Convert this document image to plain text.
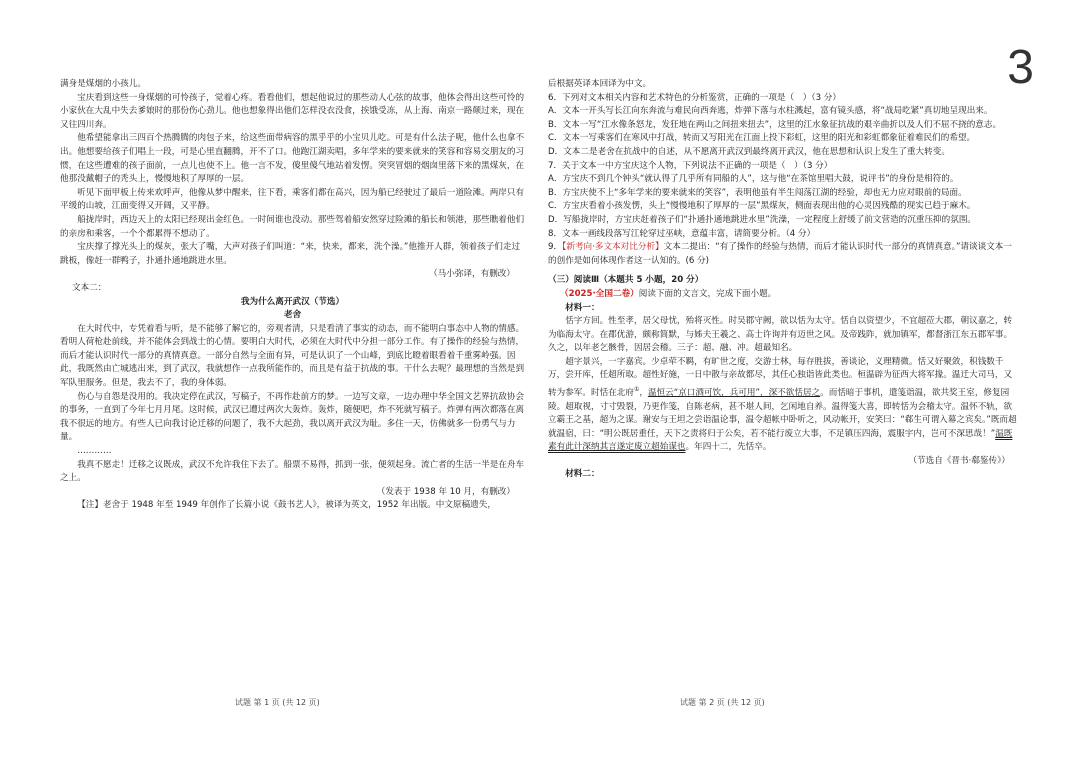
3

满身是煤烟的小孩儿。

宝庆看到这些一身煤烟的可怜孩子，觉着心疼。看看他们，想起他说过的那些动人心弦的故事，他体会得出这些可怜的小家伙在大乱中失去爹娘时的那份伤心劲儿。他也想象得出他们怎样没衣没食，挨饿受冻，从上海、南京一路颠过来，现在又往四川奔。

他希望能拿出三四百个热腾腾的肉包子来，给这些面带病容的黑乎乎的小宝贝儿吃。可是有什么法子呢，他什么也拿不出。他想要给孩子们唱上一段，可是心里直翻腾，开不了口。他跑江湖卖唱，多年学来的要来就来的笑容和容易交朋友的习惯，在这些遭难的孩子面前，一点儿也使不上。他一言不发，傻里傻气地站着发愣。突突冒烟的烟囱里落下来的黑煤灰，在他那没戴帽子的秃头上，慢慢地积了厚厚的一层。

听见下面甲板上传来欢呼声，他像从梦中醒来，往下看，乘客们都在高兴，因为船已经驶过了最后一道险滩。两岸只有平缓的山坡，江面变得又开阔，又平静。

船拢岸时，西边天上的太阳已经现出金红色。一时间谁也没动。那些驾着船安然穿过险滩的船长和领港，那些瞧着他们的亲房和乘客，一个个都累得不想动了。

宝庆撑了撑光头上的煤灰，张大了嘴，大声对孩子们叫道：“来，快来，都来，洗个澡。”他推开人群，领着孩子们走过跳板，像赶一群鸭子，扑通扑通地跳进水里。

（马小弥译，有删改）

文本二：

我为什么离开武汉（节选）

老舍

在大时代中，专凭着看与听，是不能够了解它的，旁观者清，只是看清了事实的动态，而不能明白事态中人物的情感。看明人荷枪赴前线，并不能体会到战士的心情。要明白大时代，必须在大时代中分担一部分工作。有了操作的经验与热情，而后才能认识时代一部分的真情真意。一部分自然与全面有异，可是认识了一个山峰，到底比瞪着眼看着千重雾岭强。因此，我既然由亡城逃出来，到了武汉，我就想作一点我所能作的，而且是有益于抗战的事。干什么去呢？最理想的当然是到军队里服务。但是，我去不了，我的身体弱。

伤心与自怨是没用的。我决定停在武汉，写稿子，不再作赴前方的梦。一边写文章，一边办理中华全国文艺界抗敌协会的事务，一直到了今年七月月尾。这时候，武汉已遭过两次大轰炸。轰炸，随便吧，炸不死就写稿子。炸弹有两次都落在离我不很远的地方。有些人已向我讨论迁移的问题了，我不大起劲，我以离开武汉为耻。多住一天，仿佛就多一份勇气与力量。

…………

我真不愿走！迁移之议既成，武汉不允许我住下去了。船票不易得，抓到一张，便须起身。流亡者的生活一半是在舟车之上。

（发表于 1938 年 10 月，有删改）

【注】老舍于 1948 年至 1949 年创作了长篇小说《鼓书艺人》，被译为英文，1952 年出版。中文原稿遗失，

后根据英译本回译为中文。

6．下列对文本相关内容和艺术特色的分析鉴赏，正确的一项是（　）（3 分）

A．文本一开头写长江向东奔流与难民向西奔逃，炸弹下落与水柱溅起，富有镜头感，将“战局吃紧”真切地呈现出来。

B．文本一写“江水像条怒龙，发狂地在两山之间扭来扭去”，这里的江水象征抗战的艰辛曲折以及人们不屈不挠的意志。

C．文本一写乘客们在寒风中打战，转而又写阳光在江面上投下彩虹，这里的阳光和彩虹都象征着难民们的希望。

D．文本二是老舍在抗战中的自述，从不愿离开武汉到最终离开武汉，他在思想和认识上发生了重大转变。

7．关于文本一中方宝庆这个人物，下列说法不正确的一项是（　）（3 分）

A．方宝庆不到几个钟头“就认得了几乎所有同船的人”，这与他“在茶馆里唱大鼓，说评书”的身份是相符的。

B．方宝庆使不上“多年学来的要来就来的笑容”，表明他虽有半生闯荡江湖的经验，却也无力应对眼前的局面。

C．方宝庆看着小孩发愣，头上“慢慢地积了厚厚的一层”黑煤灰，侧面表现出他的心灵因残酷的现实已趋于麻木。

D．写船拢岸时，方宝庆赶着孩子们“扑通扑通地跳进水里”洗澡，一定程度上舒缓了前文营造的沉重压抑的氛围。

8．文本一画线段落写江轮穿过巫峡，意蕴丰富，请简要分析。（4 分）

9．【新考向·多文本对比分析】文本二提出：“有了操作的经验与热情，而后才能认识时代一部分的真情真意。”请谈谈文本一的创作是如何体现作者这一认知的。(6 分)

（三）阅读Ⅲ（本题共 5 小题，20 分）

（2025·全国二卷）阅读下面的文言文，完成下面小题。

材料一：

恬字方回。性至孝，居父母忧，殆将灭性。时吴郡守阙，欲以恬为太守。恬自以资望少，不宜超莅大郡，朝议嘉之，转为临海太守。在郡优游，颇称简默，与姊夫王羲之、高士许询并有迈世之风。及帝践阼，就加镇军，都督浙江东五郡军事。久之，以年老乞骸骨，因居会稽。三子：超、融、冲。超最知名。

超字景兴，一字嘉宾。少卓荦不羁，有旷世之度，交游士林，每存胜拔，善谈论，义理精微。恬又好聚敛，积钱数千万，尝开库，任超所取。超性好施，一日中散与亲故都尽，其任心独诣皆此类也。桓温辟为征西大将军掾。温迁大司马，又转为参军。时恬在北府①，温恒云“京口酒可饮，兵可用”，深不欲恬居之。而恬暗于事机，遣笺诣温，欲共奖王室，修复园陵。超取视，寸寸毁裂，乃更作笺，自陈老病，甚不堪人间，乞闲地自养。温得笺大喜，即转恬为会稽太守。温怀不轨，欲立霸王之基，超为之谋。谢安与王坦之尝诣温论事，温令超帐中卧听之，风动帐开，安笑曰：“郗生可谓入幕之宾矣。”既而超就温宿，曰：“明公既居重任，天下之责将归于公矣，若不能行废立大事，不足镇压四海，震服宇内，岂可不深思哉！”温既素有此计深纳其言遂定废立超始谋也。年四十二，先恬卒。

（节选自《晋书·郗鉴传》）

材料二：

试题 第 1 页 (共 12 页)	试题 第 2 页 (共 12 页)
